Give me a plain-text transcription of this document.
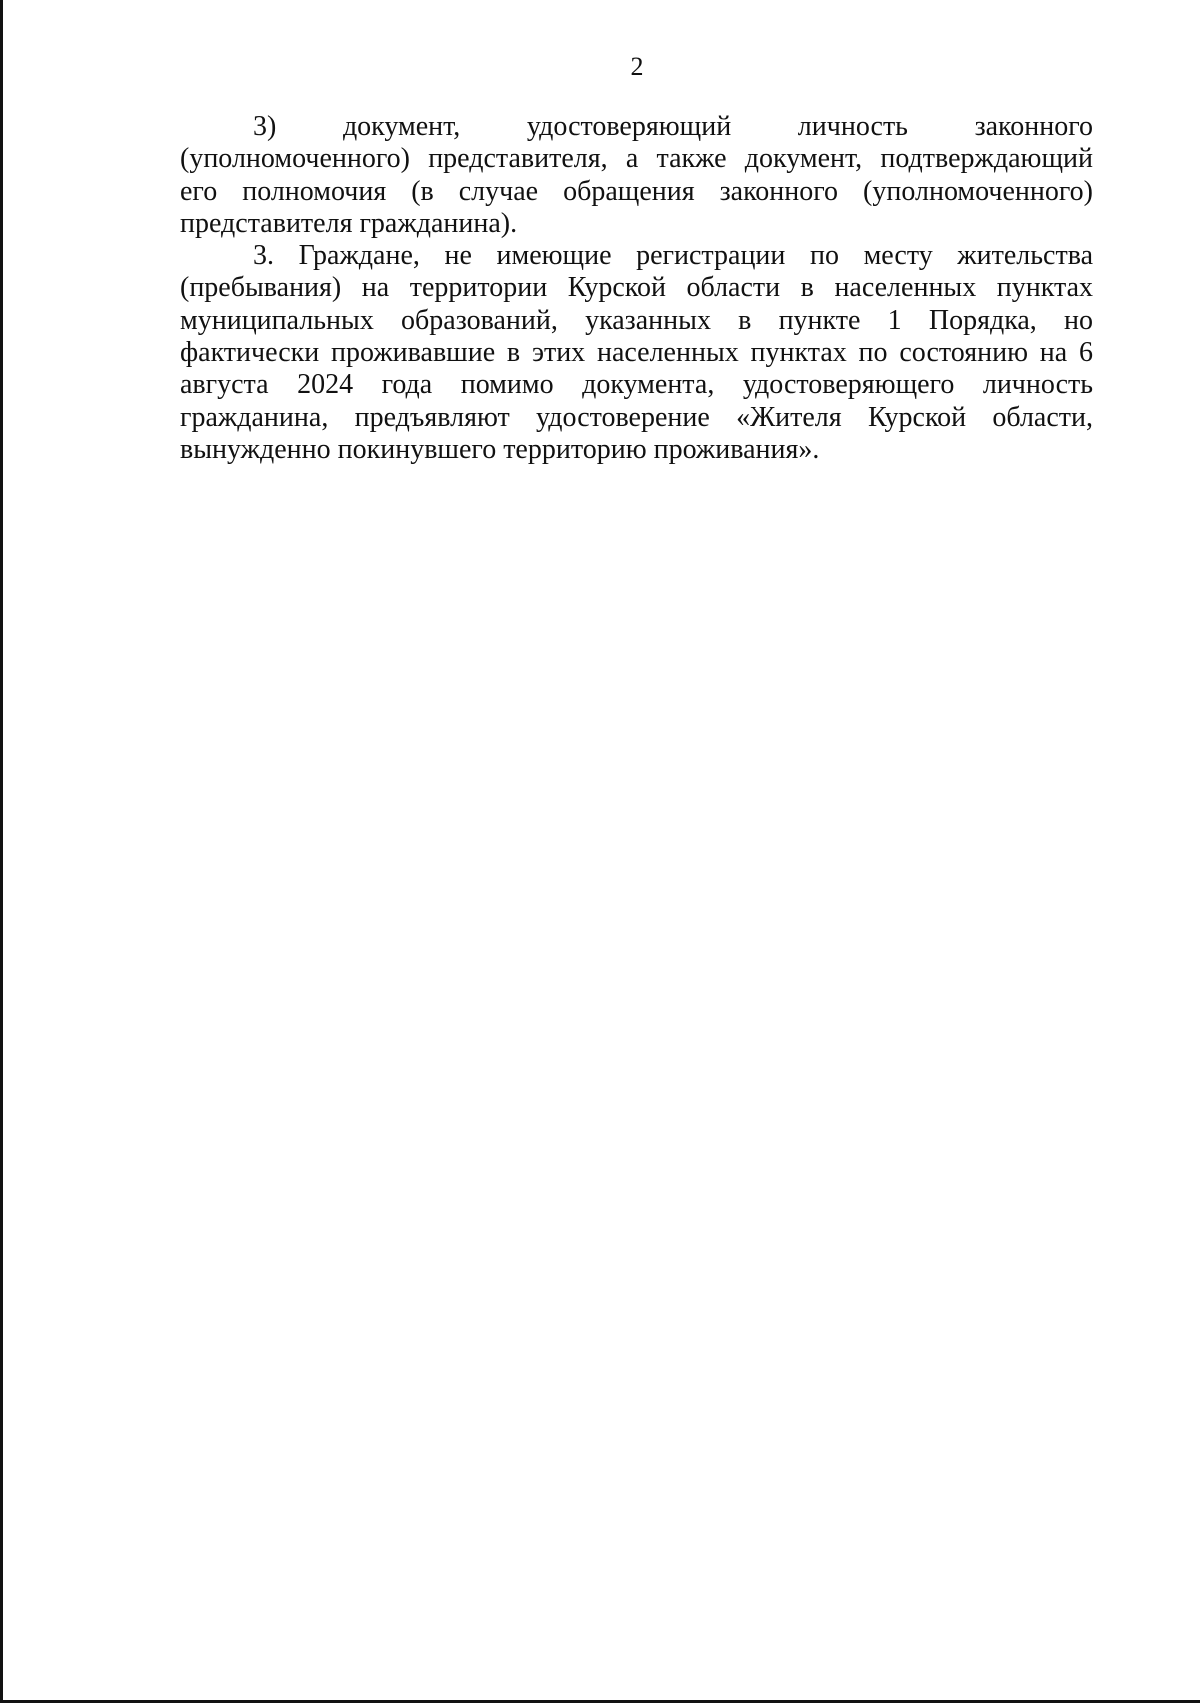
2

3) документ, удостоверяющий личность законного
(уполномоченного) представителя, а также документ, подтверждающий
его полномочия (в случае обращения законного (уполномоченного)
представителя гражданина).

3. Граждане, не имеющие регистрации по месту жительства
(пребывания) на территории Курской области в населенных пунктах
муниципальных образований, указанных в пункте 1 Порядка, но
фактически проживавшие в этих населенных пунктах по состоянию на 6
августа 2024 года помимо документа, удостоверяющего личность
гражданина, предъявляют удостоверение «Жителя Курской области,
вынужденно покинувшего территорию проживания».
